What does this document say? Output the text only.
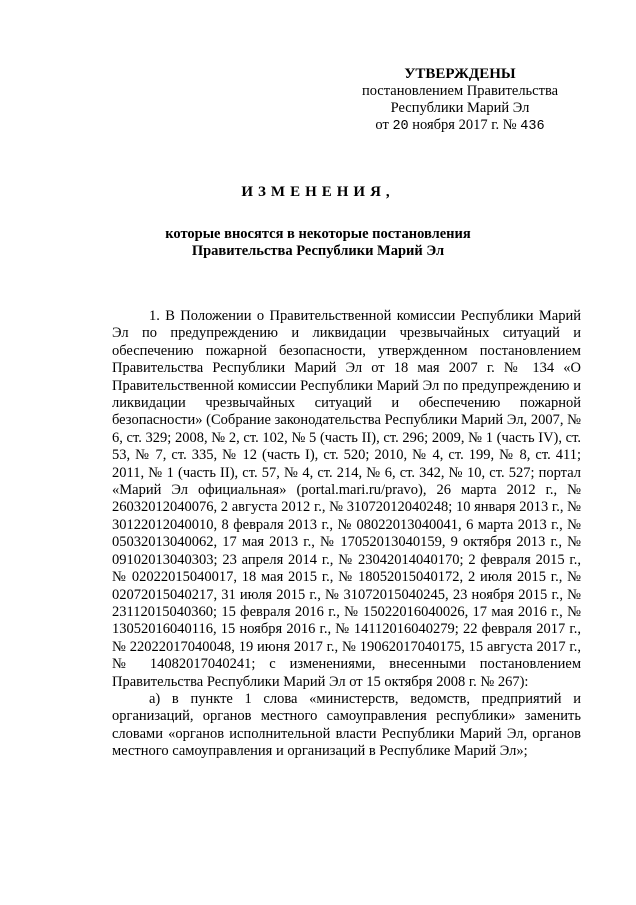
УТВЕРЖДЕНЫ
постановлением Правительства
Республики Марий Эл
от 20 ноября 2017 г. № 436
ИЗМЕНЕНИЯ,
которые вносятся в некоторые постановления
Правительства Республики Марий Эл

1. В Положении о Правительственной комиссии Республики Марий Эл по предупреждению и ликвидации чрезвычайных ситуаций и обеспечению пожарной безопасности, утвержденном постановлением Правительства Республики Марий Эл от 18 мая 2007 г. № 134 «О Правительственной комиссии Республики Марий Эл по предупреждению и ликвидации чрезвычайных ситуаций и обеспечению пожарной безопасности» (Собрание законодательства Республики Марий Эл, 2007, № 6, ст. 329; 2008, № 2, ст. 102, № 5 (часть II), ст. 296; 2009, № 1 (часть IV), ст. 53, № 7, ст. 335, № 12 (часть I), ст. 520; 2010, № 4, ст. 199, № 8, ст. 411; 2011, № 1 (часть II), ст. 57, № 4, ст. 214, № 6, ст. 342, № 10, ст. 527; портал «Марий Эл официальная» (portal.mari.ru/pravo), 26 марта 2012 г., № 26032012040076, 2 августа 2012 г., № 31072012040248; 10 января 2013 г., № 30122012040010, 8 февраля 2013 г., № 08022013040041, 6 марта 2013 г., № 05032013040062, 17 мая 2013 г., № 17052013040159, 9 октября 2013 г., № 09102013040303; 23 апреля 2014 г., № 23042014040170; 2 февраля 2015 г., № 02022015040017, 18 мая 2015 г., № 18052015040172, 2 июля 2015 г., № 02072015040217, 31 июля 2015 г., № 31072015040245, 23 ноября 2015 г., № 23112015040360; 15 февраля 2016 г., № 15022016040026, 17 мая 2016 г., № 13052016040116, 15 ноября 2016 г., № 14112016040279; 22 февраля 2017 г., № 22022017040048, 19 июня 2017 г., № 19062017040175, 15 августа 2017 г., № 14082017040241; с изменениями, внесенными постановлением Правительства Республики Марий Эл от 15 октября 2008 г. № 267):

а) в пункте 1 слова «министерств, ведомств, предприятий и организаций, органов местного самоуправления республики» заменить словами «органов исполнительной власти Республики Марий Эл, органов местного самоуправления и организаций в Республике Марий Эл»;
